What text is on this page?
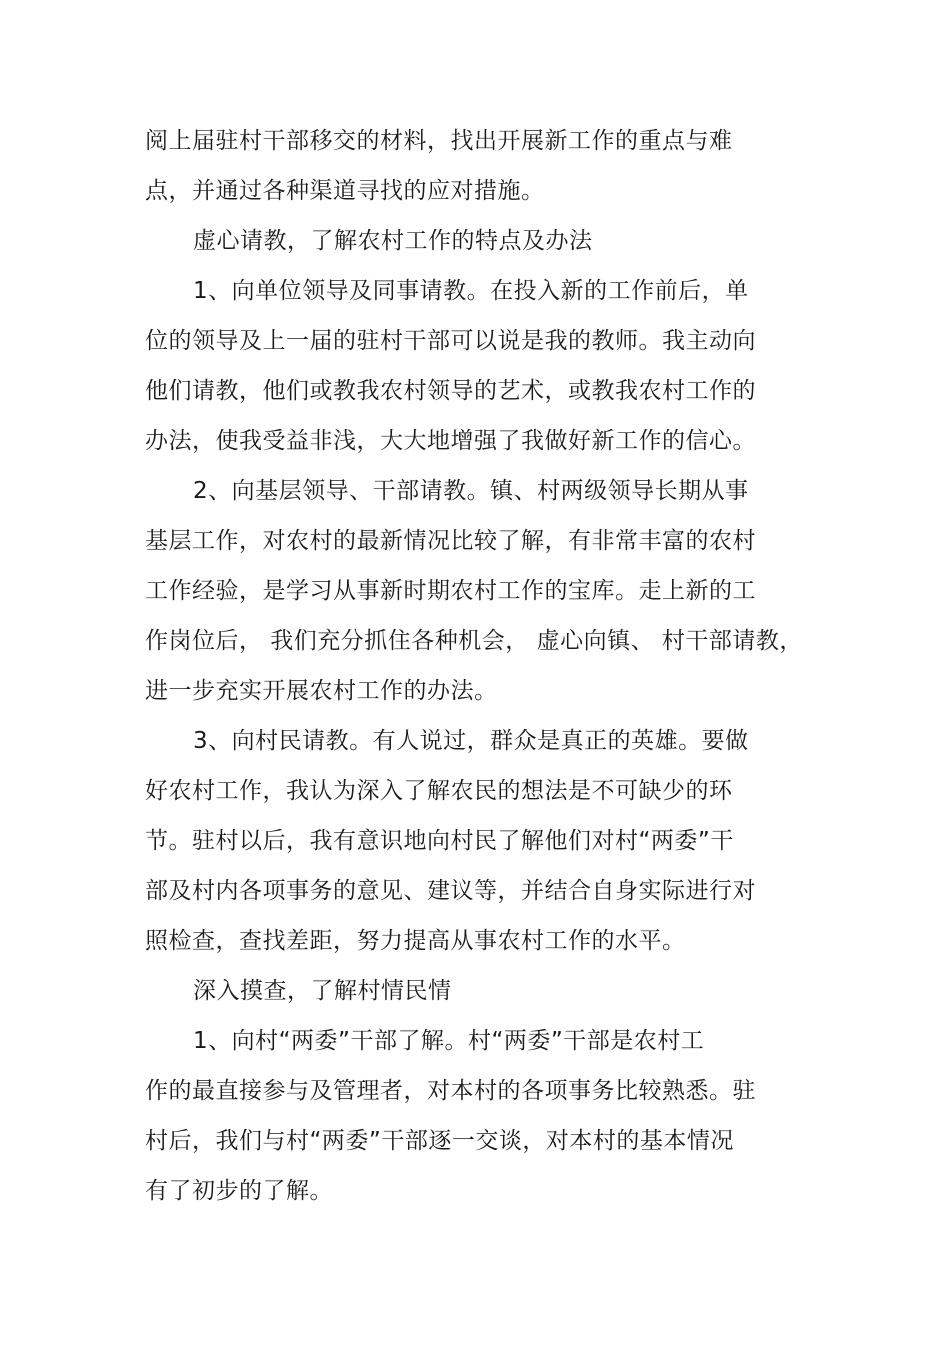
阅上届驻村干部移交的材料，找出开展新工作的重点与难
点，并通过各种渠道寻找的应对措施。
虚心请教，了解农村工作的特点及办法
1、向单位领导及同事请教。在投入新的工作前后，单
位的领导及上一届的驻村干部可以说是我的教师。我主动向
他们请教，他们或教我农村领导的艺术，或教我农村工作的
办法，使我受益非浅，大大地增强了我做好新工作的信心。
2、向基层领导、干部请教。镇、村两级领导长期从事
基层工作，对农村的最新情况比较了解，有非常丰富的农村
工作经验，是学习从事新时期农村工作的宝库。走上新的工
作岗位后， 我们充分抓住各种机会， 虚心向镇、 村干部请教，
进一步充实开展农村工作的办法。
3、向村民请教。有人说过，群众是真正的英雄。要做
好农村工作，我认为深入了解农民的想法是不可缺少的环
节。驻村以后，我有意识地向村民了解他们对村“两委”干
部及村内各项事务的意见、建议等，并结合自身实际进行对
照检查，查找差距，努力提高从事农村工作的水平。
深入摸查，了解村情民情
1、向村“两委”干部了解。村“两委”干部是农村工
作的最直接参与及管理者，对本村的各项事务比较熟悉。驻
村后，我们与村“两委”干部逐一交谈，对本村的基本情况
有了初步的了解。
